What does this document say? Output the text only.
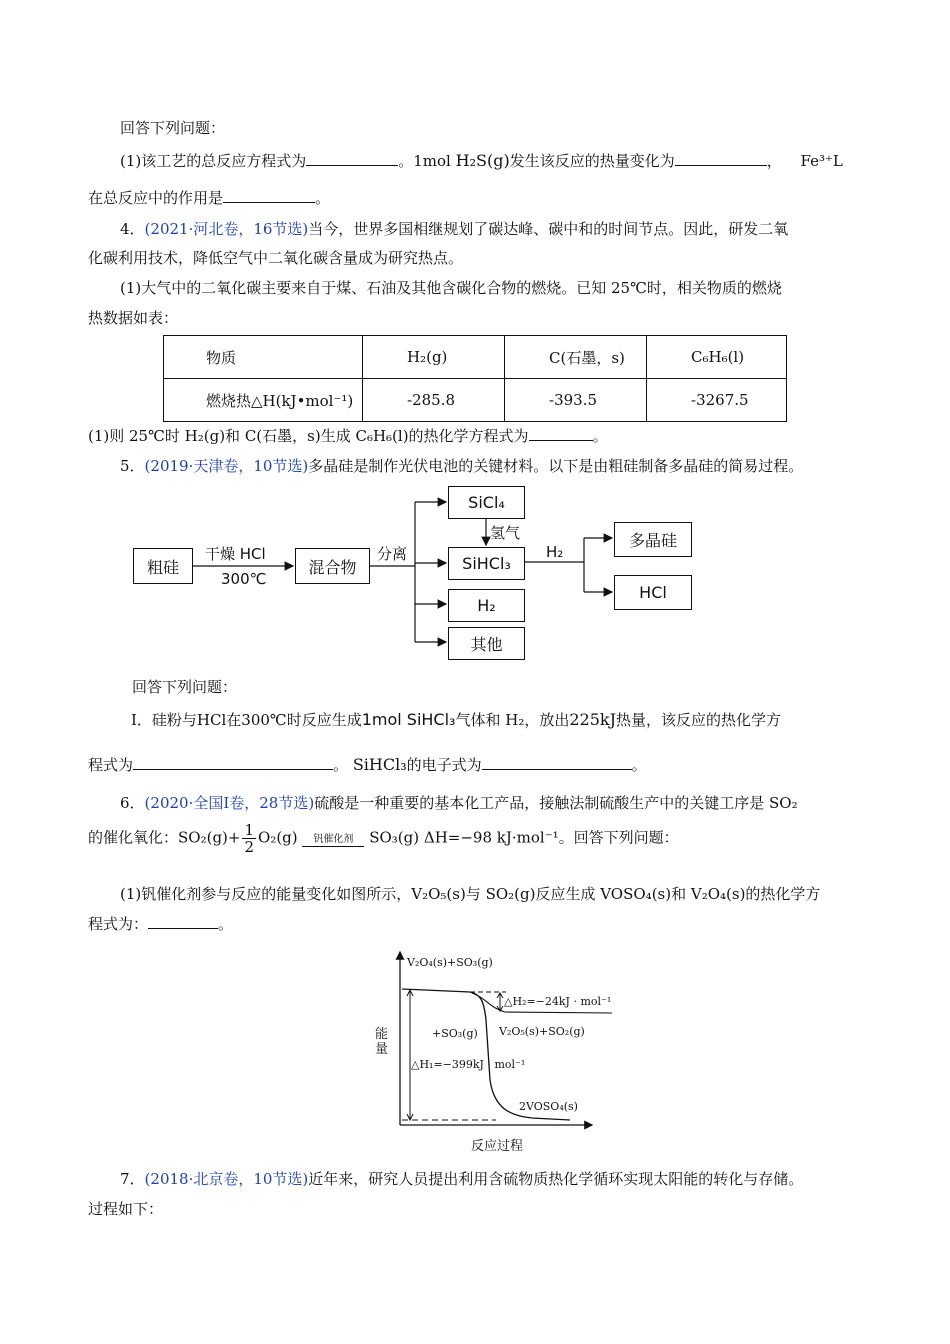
回答下列问题：
(1)该工艺的总反应方程式为	。1mol H₂S(g)发生该反应的热量变化为	， Fe³⁺L
在总反应中的作用是	。
4．(2021·河北卷，16节选)当今，世界多国相继规划了碳达峰、碳中和的时间节点。因此，研发二氧
化碳利用技术，降低空气中二氧化碳含量成为研究热点。
(1)大气中的二氧化碳主要来自于煤、石油及其他含碳化合物的燃烧。已知 25℃时，相关物质的燃烧
热数据如表：
物质	H₂(g)	C(石墨，s)	C₆H₆(l)
燃烧热△H(kJ•mol⁻¹)	-285.8	-393.5	-3267.5
(1)则 25℃时 H₂(g)和 C(石墨，s)生成 C₆H₆(l)的热化学方程式为	。
5．(2019·天津卷，10节选)多晶硅是制作光伏电池的关键材料。以下是由粗硅制备多晶硅的简易过程。
粗硅
干燥 HCl
300℃
混合物
分离
SiCl₄
氢气
SiHCl₃
H₂
H₂
其他
多晶硅
HCl
回答下列问题：
I．硅粉与HCl在300℃时反应生成1mol SiHCl₃气体和 H₂，放出225kJ热量，该反应的热化学方
程式为	。 SiHCl₃的电子式为	。
6．(2020·全国I卷，28节选)硫酸是一种重要的基本化工产品，接触法制硫酸生产中的关键工序是 SO₂
的催化氧化：$SO_2(g)+ \frac{1}{2} O_2(g)$ 钒催化剂 SO₃(g) ΔH=−98 kJ·mol⁻¹。回答下列问题：
(1)钒催化剂参与反应的能量变化如图所示，V₂O₅(s)与 SO₂(g)反应生成 VOSO₄(s)和 V₂O₄(s)的热化学方
程式为：	。
V₂O₄(s)+SO₃(g)
△H₂=−24kJ · mol⁻¹
+SO₃(g) V₂O₅(s)+SO₂(g)
△H₁=−399kJ · mol⁻¹
2VOSO₄(s)
能量
反应过程
7．(2018·北京卷，10节选)近年来，研究人员提出利用含硫物质热化学循环实现太阳能的转化与存储。
过程如下：
